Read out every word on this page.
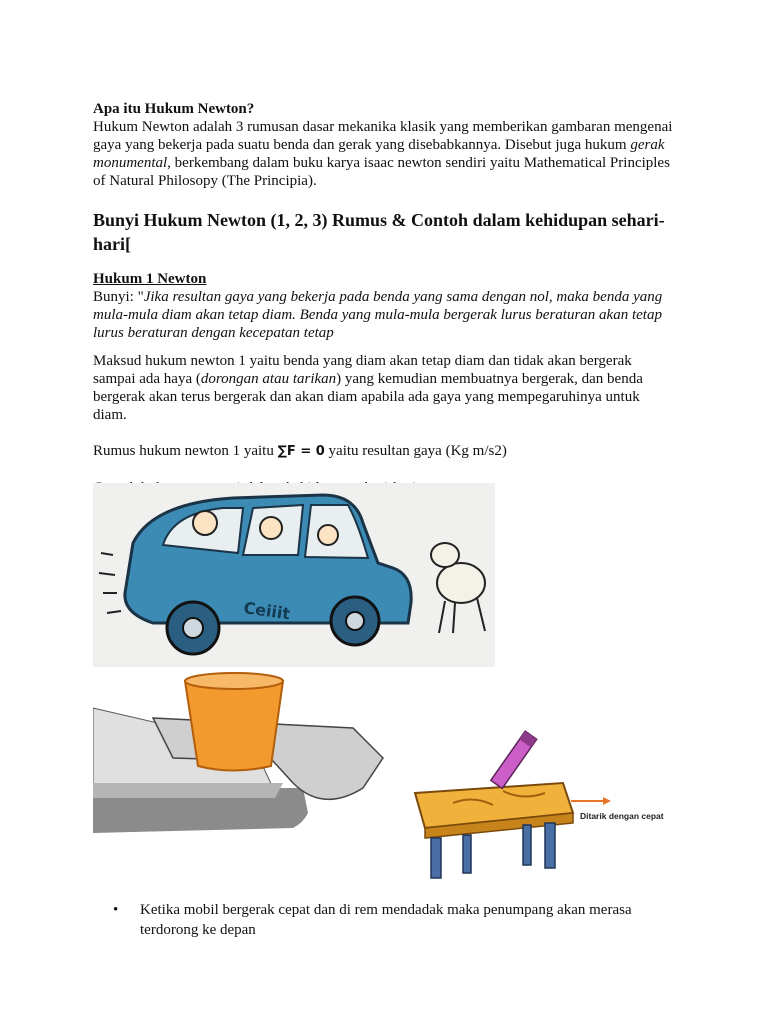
Apa itu Hukum Newton?

Hukum Newton adalah 3 rumusan dasar mekanika klasik yang memberikan gambaran mengenai gaya yang bekerja pada suatu benda dan gerak yang disebabkannya. Disebut juga hukum gerak monumental, berkembang dalam buku karya isaac newton sendiri yaitu Mathematical Principles of Natural Philosopy (The Principia).

Bunyi Hukum Newton (1, 2, 3) Rumus & Contoh dalam kehidupan sehari-hari[

Hukum 1 Newton

Bunyi: "Jika resultan gaya yang bekerja pada benda yang sama dengan nol, maka benda yang mula-mula diam akan tetap diam. Benda yang mula-mula bergerak lurus beraturan akan tetap lurus beraturan dengan kecepatan tetap

Maksud hukum newton 1 yaitu benda yang diam akan tetap diam dan tidak akan bergerak sampai ada haya (dorongan atau tarikan) yang kemudian membuatnya bergerak, dan benda bergerak akan terus bergerak dan akan diam apabila ada gaya yang mempegaruhinya untuk diam.

Rumus hukum newton 1 yaitu ∑F = 0 yaitu resultan gaya (Kg m/s2)

Ceiiit
Ditarik dengan cepat
• Ketika mobil bergerak cepat dan di rem mendadak maka penumpang akan merasa terdorong ke depan
